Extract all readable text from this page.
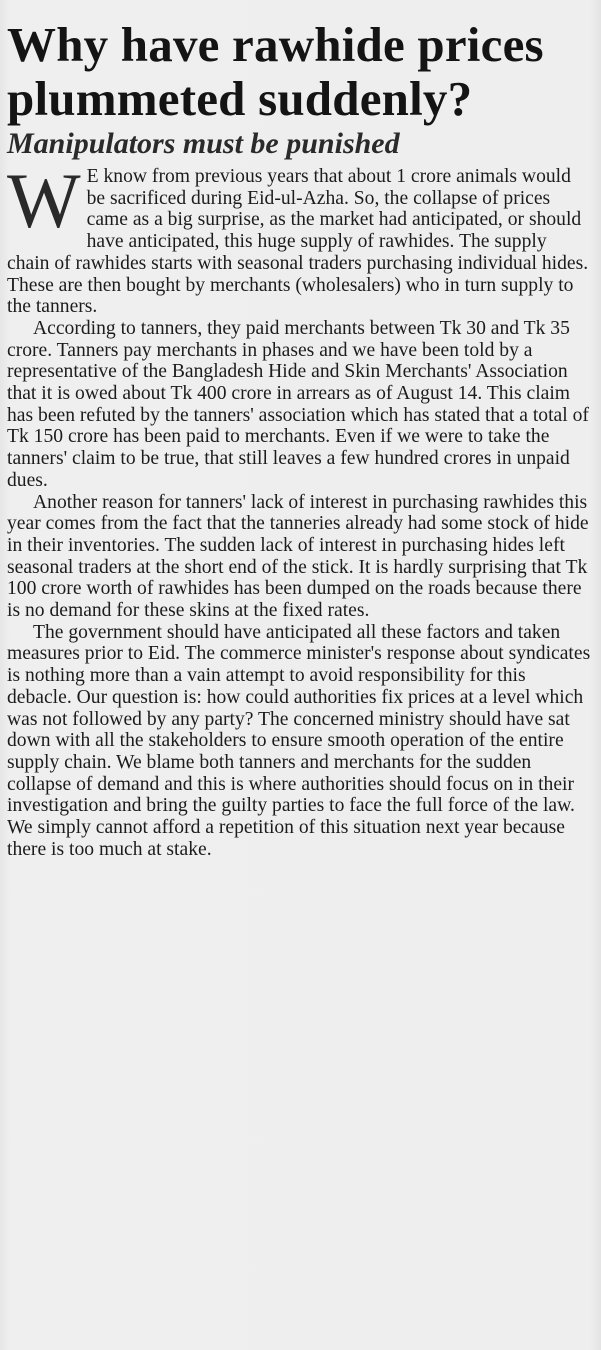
Why have rawhide prices plummeted suddenly?
Manipulators must be punished

W E know from previous years that about 1 crore animals would be sacrificed during Eid-ul-Azha. So, the collapse of prices came as a big surprise, as the market had anticipated, or should have anticipated, this huge supply of rawhides. The supply chain of rawhides starts with seasonal traders purchasing individual hides. These are then bought by merchants (wholesalers) who in turn supply to the tanners.

According to tanners, they paid merchants between Tk 30 and Tk 35 crore. Tanners pay merchants in phases and we have been told by a representative of the Bangladesh Hide and Skin Merchants' Association that it is owed about Tk 400 crore in arrears as of August 14. This claim has been refuted by the tanners' association which has stated that a total of Tk 150 crore has been paid to merchants. Even if we were to take the tanners' claim to be true, that still leaves a few hundred crores in unpaid dues.

Another reason for tanners' lack of interest in purchasing rawhides this year comes from the fact that the tanneries already had some stock of hide in their inventories. The sudden lack of interest in purchasing hides left seasonal traders at the short end of the stick. It is hardly surprising that Tk 100 crore worth of rawhides has been dumped on the roads because there is no demand for these skins at the fixed rates.

The government should have anticipated all these factors and taken measures prior to Eid. The commerce minister's response about syndicates is nothing more than a vain attempt to avoid responsibility for this debacle. Our question is: how could authorities fix prices at a level which was not followed by any party? The concerned ministry should have sat down with all the stakeholders to ensure smooth operation of the entire supply chain. We blame both tanners and merchants for the sudden collapse of demand and this is where authorities should focus on in their investigation and bring the guilty parties to face the full force of the law. We simply cannot afford a repetition of this situation next year because there is too much at stake.
